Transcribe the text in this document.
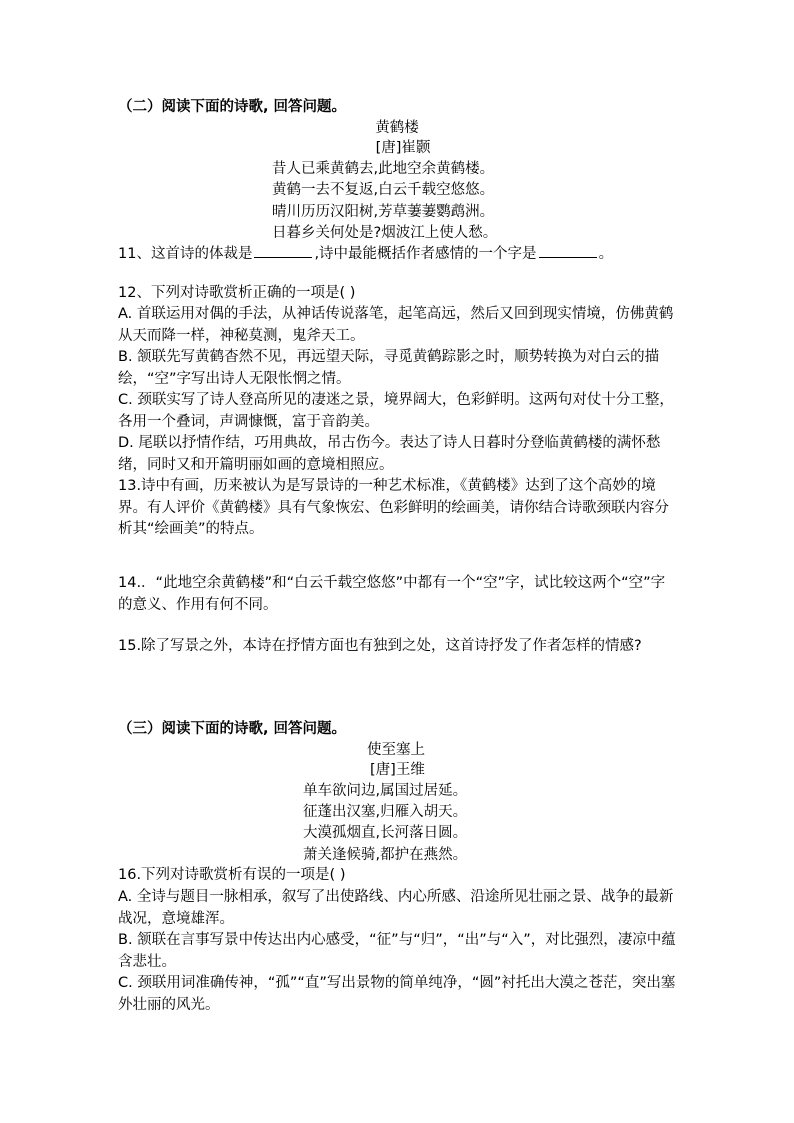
（二）阅读下面的诗歌, 回答问题。
黄鹤楼
[唐]崔颢
昔人已乘黄鹤去,此地空余黄鹤楼。
黄鹤一去不复返,白云千载空悠悠。
晴川历历汉阳树,芳草萋萋鹦鹉洲。
日暮乡关何处是?烟波江上使人愁。
11、这首诗的体裁是	,诗中最能概括作者感情的一个字是	。
12、下列对诗歌赏析正确的一项是( )
A. 首联运用对偶的手法，从神话传说落笔，起笔高远，然后又回到现实情境，仿佛黄鹤从天而降一样，神秘莫测，鬼斧天工。
B. 颔联先写黄鹤杳然不见，再远望天际，寻觅黄鹤踪影之时，顺势转换为对白云的描绘，“空”字写出诗人无限怅惘之情。
C. 颈联实写了诗人登高所见的凄迷之景，境界阔大，色彩鲜明。这两句对仗十分工整，各用一个叠词，声调慷慨，富于音韵美。
D. 尾联以抒情作结，巧用典故，吊古伤今。表达了诗人日暮时分登临黄鹤楼的满怀愁绪，同时又和开篇明丽如画的意境相照应。
13.诗中有画，历来被认为是写景诗的一种艺术标准，《黄鹤楼》达到了这个高妙的境界。有人评价《黄鹤楼》具有气象恢宏、色彩鲜明的绘画美，请你结合诗歌颈联内容分析其“绘画美”的特点。
14.．“此地空余黄鹤楼”和“白云千载空悠悠”中都有一个“空”字，试比较这两个“空”字的意义、作用有何不同。
15.除了写景之外，本诗在抒情方面也有独到之处，这首诗抒发了作者怎样的情感?
（三）阅读下面的诗歌, 回答问题。
使至塞上
[唐]王维
单车欲问边,属国过居延。
征蓬出汉塞,归雁入胡天。
大漠孤烟直,长河落日圆。
萧关逢候骑,都护在燕然。
16.下列对诗歌赏析有误的一项是( )
A. 全诗与题目一脉相承，叙写了出使路线、内心所感、沿途所见壮丽之景、战争的最新战况，意境雄浑。
B. 颔联在言事写景中传达出内心感受，“征”与“归”，“出”与“入”，对比强烈，凄凉中蕴含悲壮。
C. 颈联用词准确传神，“孤”“直”写出景物的简单纯净，“圆”衬托出大漠之苍茫，突出塞外壮丽的风光。
